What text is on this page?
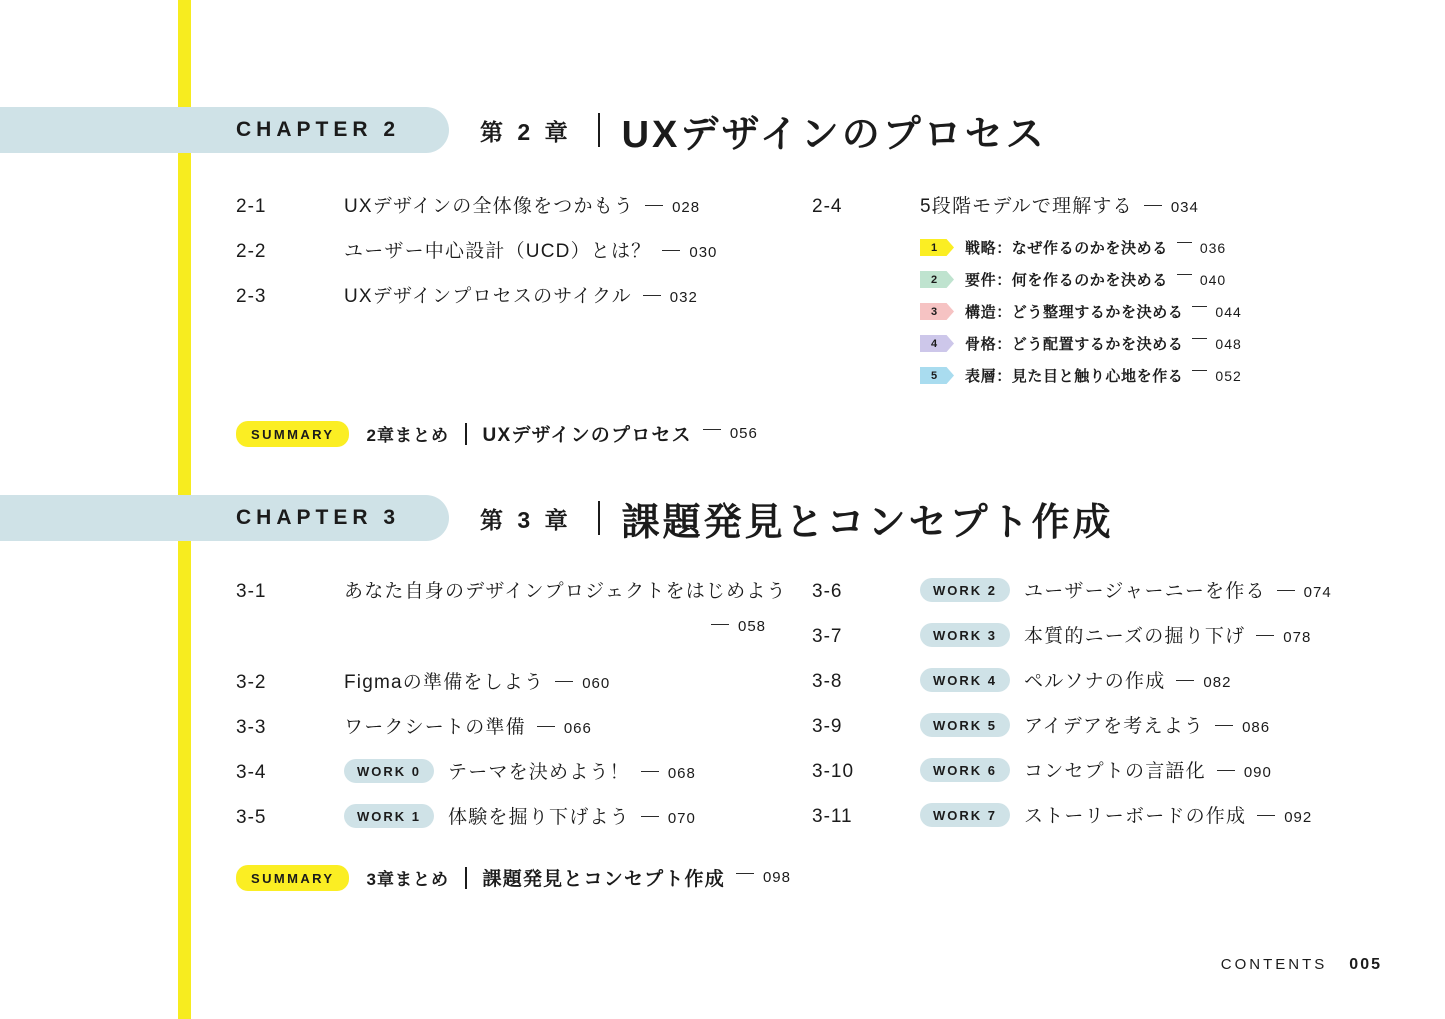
CHAPTER 2	第 2 章 UXデザインのプロセス
2-1	UXデザインの全体像をつかもう	028
2-2	ユーザー中心設計（UCD）とは？	030
2-3	UXデザインプロセスのサイクル	032
2-4	5段階モデルで理解する	034
1	戦略：なぜ作るのかを決める 036
2	要件：何を作るのかを決める 040
3	構造：どう整理するかを決める 044
4	骨格：どう配置するかを決める 048
5	表層：見た目と触り心地を作る 052
SUMMARY	2章まとめ UXデザインのプロセス	056
CHAPTER 3	第 3 章 課題発見とコンセプト作成
3-1	あなた自身のデザインプロジェクトをはじめよう
058
3-2	Figmaの準備をしよう	060
3-3	ワークシートの準備	066
3-4	WORK 0	テーマを決めよう！	068
3-5	WORK 1	体験を掘り下げよう	070
3-6	WORK 2	ユーザージャーニーを作る	074
3-7	WORK 3	本質的ニーズの掘り下げ	078
3-8	WORK 4	ペルソナの作成	082
3-9	WORK 5	アイデアを考えよう	086
3-10	WORK 6	コンセプトの言語化	090
3-11	WORK 7	ストーリーボードの作成	092
SUMMARY	3章まとめ 課題発見とコンセプト作成	098
CONTENTS 005
